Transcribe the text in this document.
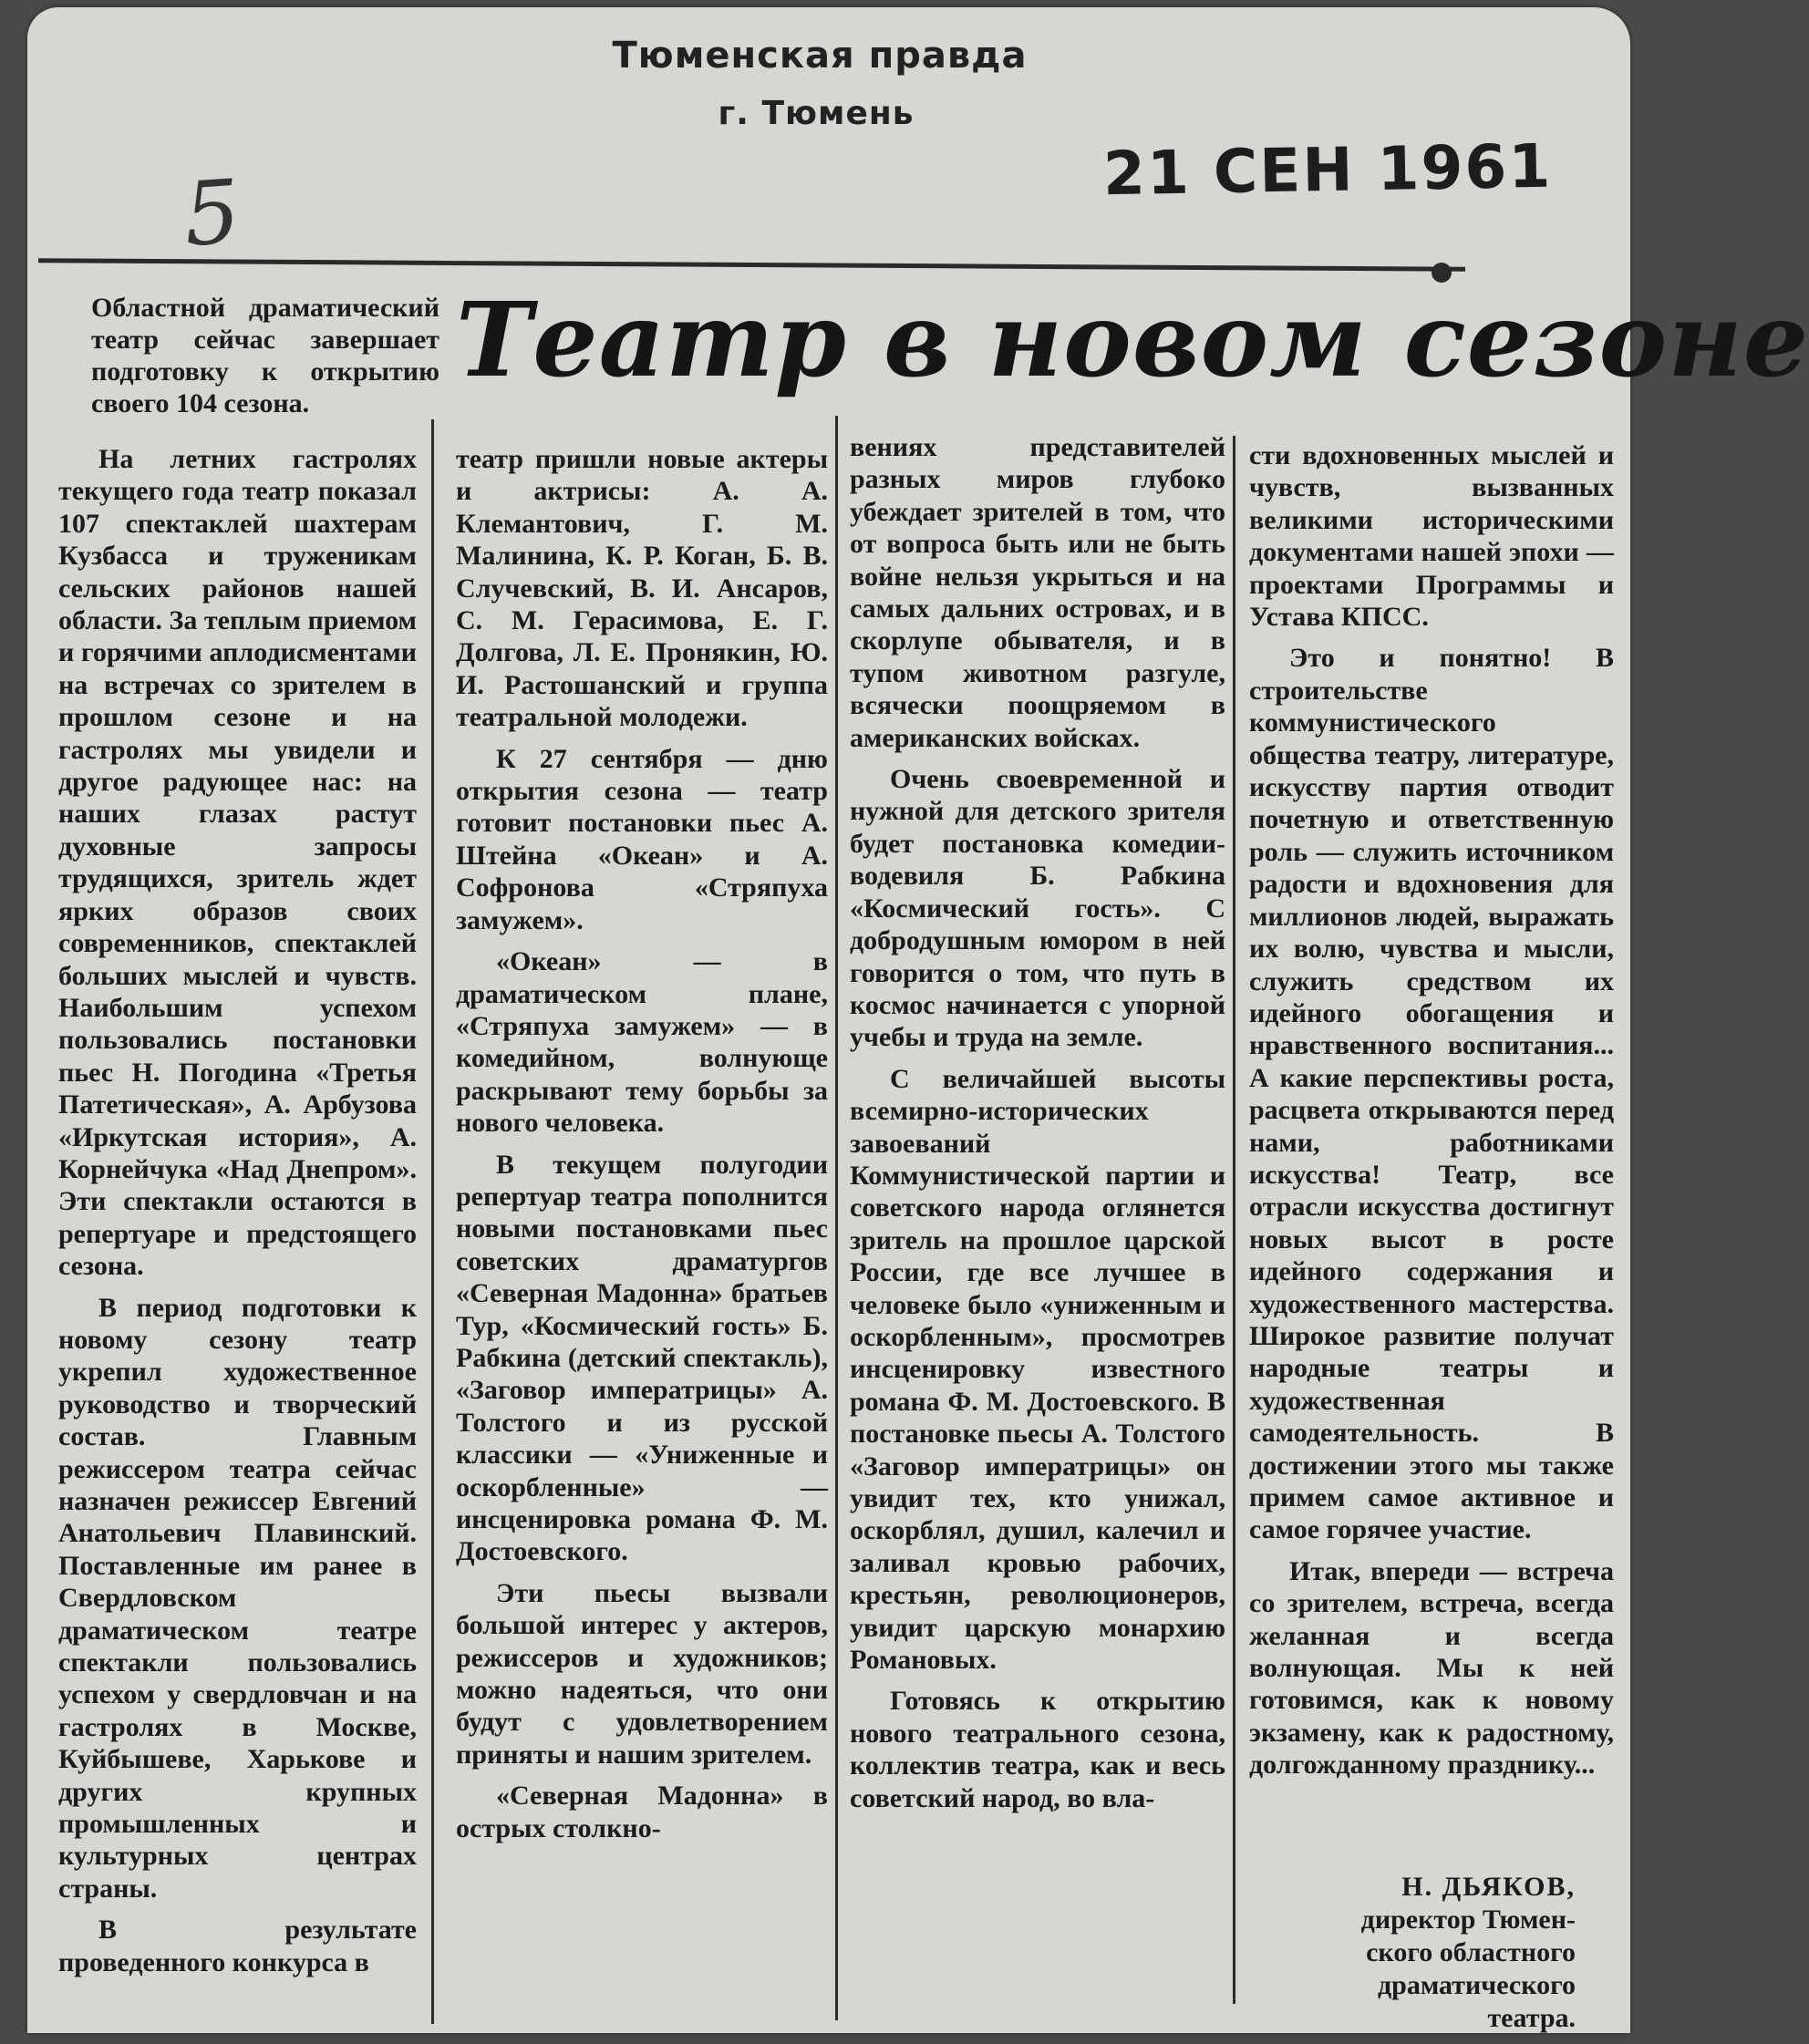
Тюменская правда
г. Тюмень
21 СЕН 1961
5
Театр в новом сезоне
Областной драматический театр сейчас завершает подготовку к открытию своего 104 сезона.

На летних гастролях текущего года театр показал 107 спектаклей шахтерам Кузбасса и труженикам сельских районов нашей области. За теплым приемом и горячими аплодисментами на встречах со зрителем в прошлом сезоне и на гастролях мы увидели и другое радующее нас: на наших глазах растут духовные запросы трудящихся, зритель ждет ярких образов своих современников, спектаклей больших мыслей и чувств. Наибольшим успехом пользовались постановки пьес Н. Погодина «Третья Патетическая», А. Арбузова «Иркутская история», А. Корнейчука «Над Днепром». Эти спектакли остаются в репертуаре и предстоящего сезона.

В период подготовки к новому сезону театр укрепил художественное руководство и творческий состав. Главным режиссером театра сейчас назначен режиссер Евгений Анатольевич Плавинский. Поставленные им ранее в Свердловском драматическом театре спектакли пользовались успехом у свердловчан и на гастролях в Москве, Куйбышеве, Харькове и других крупных промышленных и культурных центрах страны.

В результате проведенного конкурса в

театр пришли новые актеры и актрисы: А. А. Клемантович, Г. М. Малинина, К. Р. Коган, Б. В. Случевский, В. И. Ансаров, С. М. Герасимова, Е. Г. Долгова, Л. Е. Пронякин, Ю. И. Растошанский и группа театральной молодежи.

К 27 сентября — дню открытия сезона — театр готовит постановки пьес А. Штейна «Океан» и А. Софронова «Стряпуха замужем».

«Океан» — в драматическом плане, «Стряпуха замужем» — в комедийном, волнующе раскрывают тему борьбы за нового человека.

В текущем полугодии репертуар театра пополнится новыми постановками пьес советских драматургов «Северная Мадонна» братьев Тур, «Космический гость» Б. Рабкина (детский спектакль), «Заговор императрицы» А. Толстого и из русской классики — «Униженные и оскорбленные» — инсценировка романа Ф. М. Достоевского.

Эти пьесы вызвали большой интерес у актеров, режиссеров и художников; можно надеяться, что они будут с удовлетворением приняты и нашим зрителем.

«Северная Мадонна» в острых столкно-

вениях представителей разных миров глубоко убеждает зрителей в том, что от вопроса быть или не быть войне нельзя укрыться и на самых дальних островах, и в скорлупе обывателя, и в тупом животном разгуле, всячески поощряемом в американских войсках.

Очень своевременной и нужной для детского зрителя будет постановка комедии-водевиля Б. Рабкина «Космический гость». С добродушным юмором в ней говорится о том, что путь в космос начинается с упорной учебы и труда на земле.

С величайшей высоты всемирно-исторических завоеваний Коммунистической партии и советского народа оглянется зритель на прошлое царской России, где все лучшее в человеке было «униженным и оскорбленным», просмотрев инсценировку известного романа Ф. М. Достоевского. В постановке пьесы А. Толстого «Заговор императрицы» он увидит тех, кто унижал, оскорблял, душил, калечил и заливал кровью рабочих, крестьян, революционеров, увидит царскую монархию Романовых.

Готовясь к открытию нового театрального сезона, коллектив театра, как и весь советский народ, во вла-

сти вдохновенных мыслей и чувств, вызванных великими историческими документами нашей эпохи — проектами Программы и Устава КПСС.

Это и понятно! В строительстве коммунистического общества театру, литературе, искусству партия отводит почетную и ответственную роль — служить источником радости и вдохновения для миллионов людей, выражать их волю, чувства и мысли, служить средством их идейного обогащения и нравственного воспитания... А какие перспективы роста, расцвета открываются перед нами, работниками искусства! Театр, все отрасли искусства достигнут новых высот в росте идейного содержания и художественного мастерства. Широкое развитие получат народные театры и художественная самодеятельность. В достижении этого мы также примем самое активное и самое горячее участие.

Итак, впереди — встреча со зрителем, встреча, всегда желанная и всегда волнующая. Мы к ней готовимся, как к новому экзамену, как к радостному, долгожданному празднику...

Н. ДЬЯКОВ,
директор Тюмен-
ского областного
драматического
театра.
